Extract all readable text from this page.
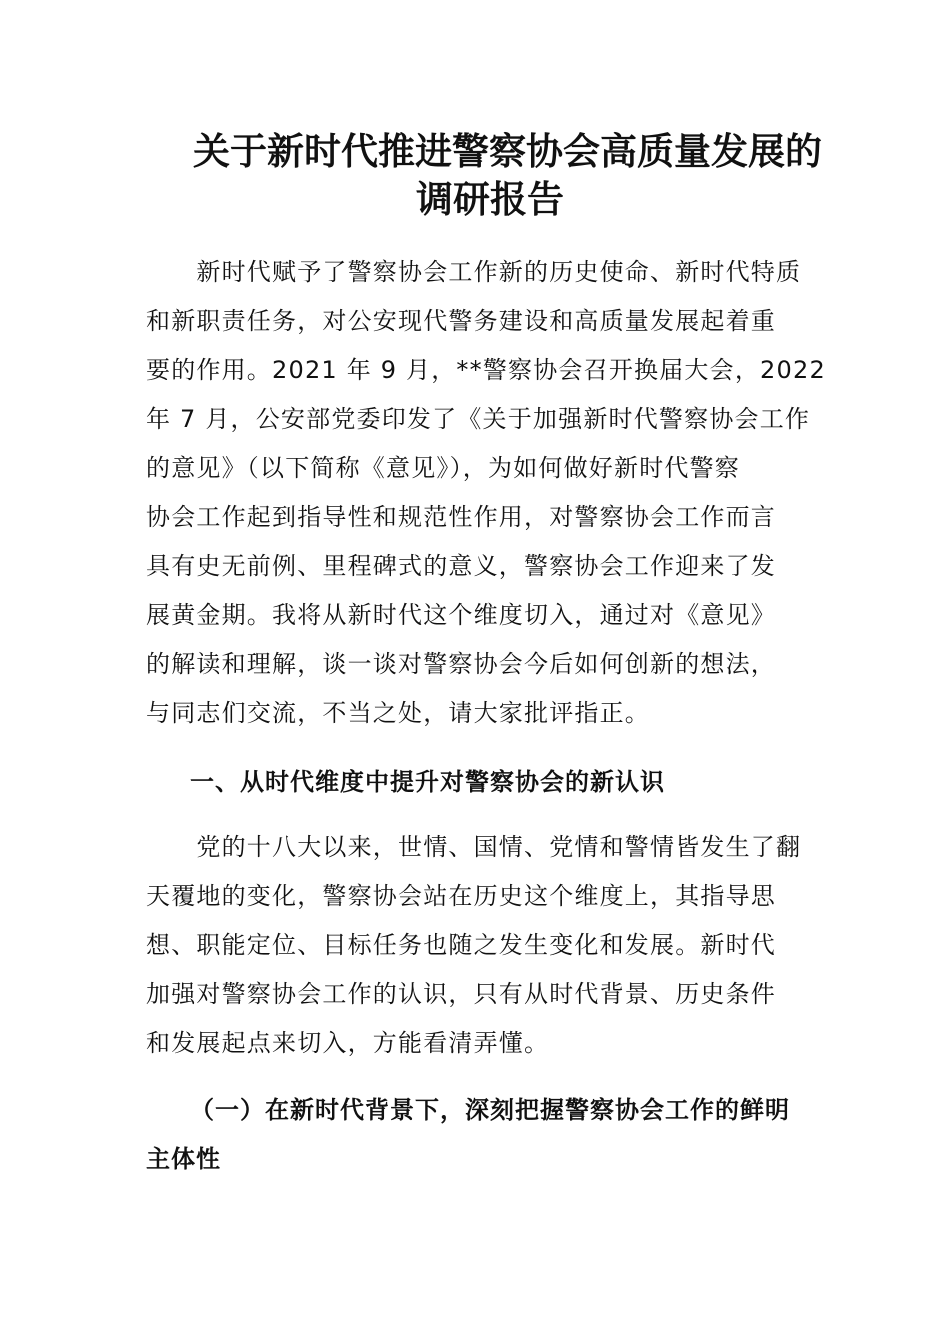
关于新时代推进警察协会高质量发展的
调研报告
　　新时代赋予了警察协会工作新的历史使命、新时代特质
和新职责任务，对公安现代警务建设和高质量发展起着重
要的作用。2021 年 9 月，**警察协会召开换届大会，2022
年 7 月，公安部党委印发了《关于加强新时代警察协会工作
的意见》（以下简称《意见》），为如何做好新时代警察
协会工作起到指导性和规范性作用，对警察协会工作而言
具有史无前例、里程碑式的意义，警察协会工作迎来了发
展黄金期。我将从新时代这个维度切入，通过对《意见》
的解读和理解，谈一谈对警察协会今后如何创新的想法，
与同志们交流，不当之处，请大家批评指正。
一、从时代维度中提升对警察协会的新认识
　　党的十八大以来，世情、国情、党情和警情皆发生了翻
天覆地的变化，警察协会站在历史这个维度上，其指导思
想、职能定位、目标任务也随之发生变化和发展。新时代
加强对警察协会工作的认识，只有从时代背景、历史条件
和发展起点来切入，方能看清弄懂。
（一）在新时代背景下，深刻把握警察协会工作的鲜明
主体性
